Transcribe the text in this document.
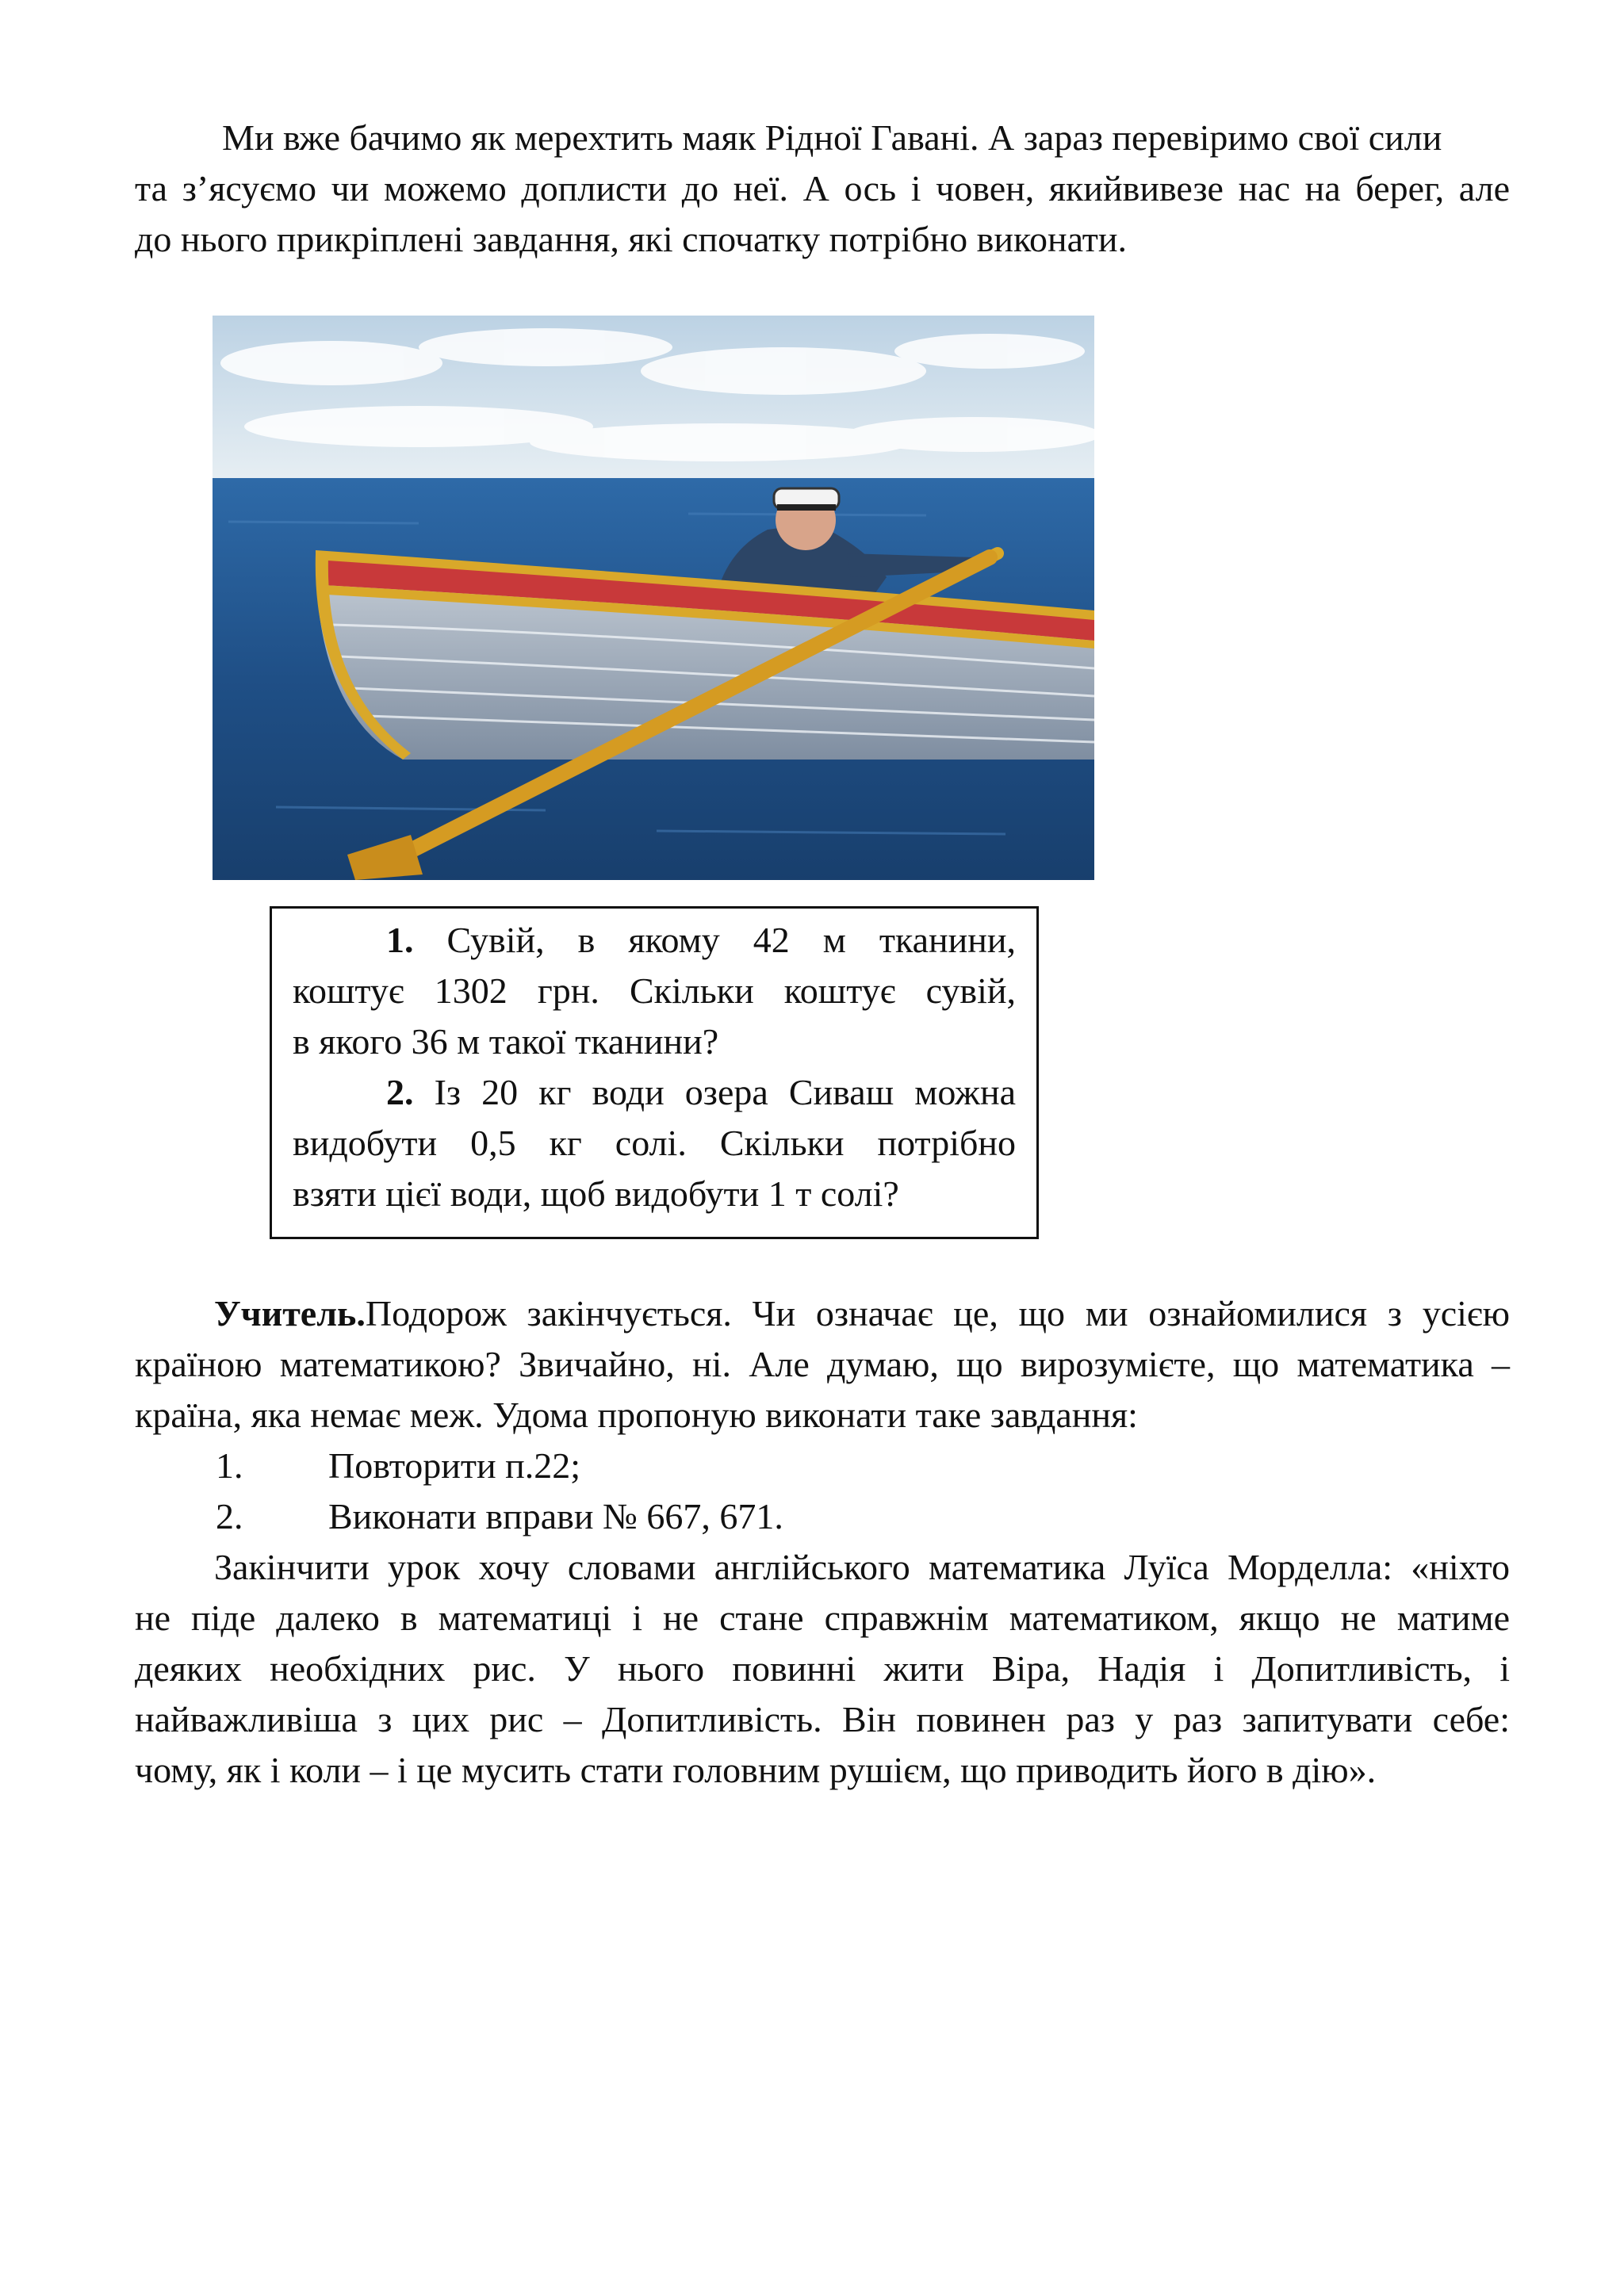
Ми вже бачимо як мерехтить маяк Рідної Гавані. А зараз перевіримо свої сили
та з’ясуємо чи можемо доплисти до неї. А ось і човен, якийвивезе нас на берег, але
до нього прикріплені завдання, які спочатку потрібно виконати.
1. Сувій, в якому 42 м тканини,
коштує 1302 грн. Скільки коштує сувій,
в якого 36 м такої тканини?
2. Із 20 кг води озера Сиваш можна
видобути 0,5 кг солі. Скільки потрібно
взяти цієї води, щоб видобути 1 т солі?
Учитель.Подорож закінчується. Чи означає це, що ми ознайомилися з усією
країною математикою? Звичайно, ні. Але думаю, що вирозумієте, що математика –
країна, яка немає меж. Удома пропоную виконати таке завдання:
1. Повторити п.22;
2. Виконати вправи № 667, 671.
Закінчити урок хочу словами англійського математика Луїса Морделла: «ніхто
не піде далеко в математиці і не стане справжнім математиком, якщо не матиме
деяких необхідних рис. У нього повинні жити Віра, Надія і Допитливість, і
найважливіша з цих рис – Допитливість. Він повинен раз у раз запитувати себе:
чому, як і коли – і це мусить стати головним рушієм, що приводить його в дію».
